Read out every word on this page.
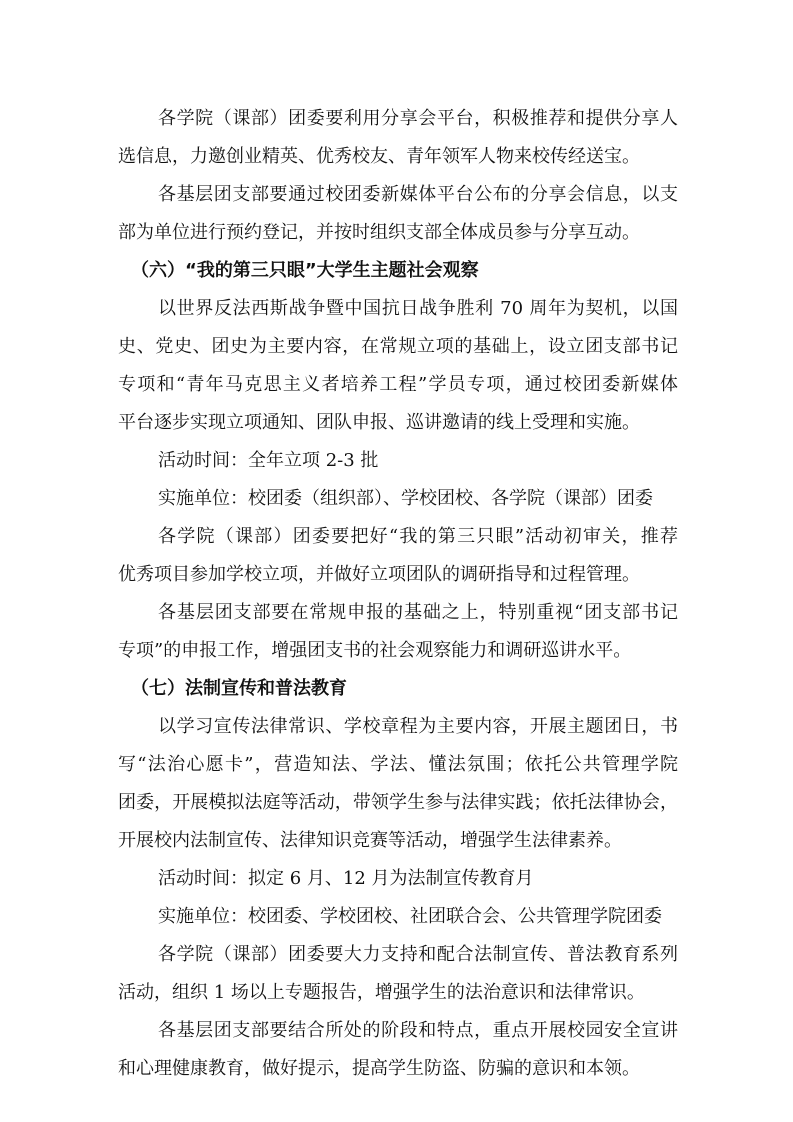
各学院（课部）团委要利用分享会平台，积极推荐和提供分享人
选信息，力邀创业精英、优秀校友、青年领军人物来校传经送宝。
各基层团支部要通过校团委新媒体平台公布的分享会信息，以支
部为单位进行预约登记，并按时组织支部全体成员参与分享互动。
（六）“我的第三只眼”大学生主题社会观察
以世界反法西斯战争暨中国抗日战争胜利 70 周年为契机，以国
史、党史、团史为主要内容，在常规立项的基础上，设立团支部书记
专项和“青年马克思主义者培养工程”学员专项，通过校团委新媒体
平台逐步实现立项通知、团队申报、巡讲邀请的线上受理和实施。
活动时间：全年立项 2-3 批
实施单位：校团委（组织部）、学校团校、各学院（课部）团委
各学院（课部）团委要把好“我的第三只眼”活动初审关，推荐
优秀项目参加学校立项，并做好立项团队的调研指导和过程管理。
各基层团支部要在常规申报的基础之上，特别重视“团支部书记
专项”的申报工作，增强团支书的社会观察能力和调研巡讲水平。
（七）法制宣传和普法教育
以学习宣传法律常识、学校章程为主要内容，开展主题团日，书
写“法治心愿卡”，营造知法、学法、懂法氛围；依托公共管理学院
团委，开展模拟法庭等活动，带领学生参与法律实践；依托法律协会，
开展校内法制宣传、法律知识竞赛等活动，增强学生法律素养。
活动时间：拟定 6 月、12 月为法制宣传教育月
实施单位：校团委、学校团校、社团联合会、公共管理学院团委
各学院（课部）团委要大力支持和配合法制宣传、普法教育系列
活动，组织 1 场以上专题报告，增强学生的法治意识和法律常识。
各基层团支部要结合所处的阶段和特点，重点开展校园安全宣讲
和心理健康教育，做好提示，提高学生防盗、防骗的意识和本领。
